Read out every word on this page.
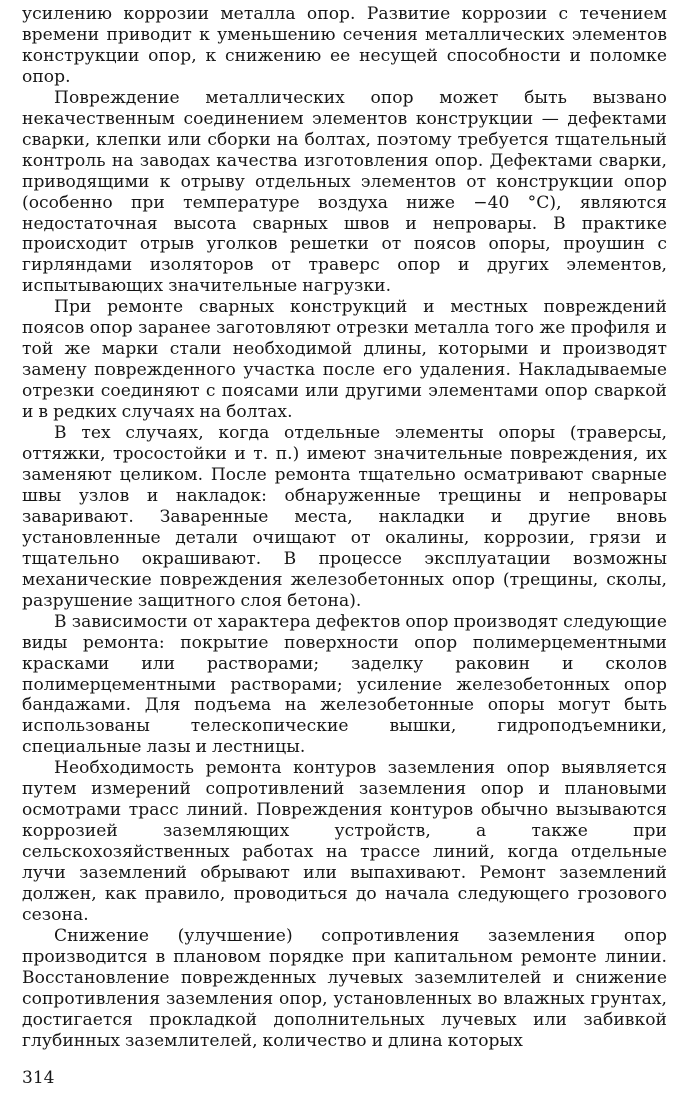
усилению коррозии металла опор. Развитие коррозии с течением времени приводит к уменьшению сечения металлических элементов конструкции опор, к снижению ее несущей способности и поломке опор.

Повреждение металлических опор может быть вызвано некачественным соединением элементов конструкции — дефектами сварки, клепки или сборки на болтах, поэтому требуется тщательный контроль на заводах качества изготовления опор. Дефектами сварки, приводящими к отрыву отдельных элементов от конструкции опор (особенно при температуре воздуха ниже −40 °С), являются недостаточная высота сварных швов и непровары. В практике происходит отрыв уголков решетки от поясов опоры, проушин с гирляндами изоляторов от траверс опор и других элементов, испытывающих значительные нагрузки.

При ремонте сварных конструкций и местных повреждений поясов опор заранее заготовляют отрезки металла того же профиля и той же марки стали необходимой длины, которыми и производят замену поврежденного участка после его удаления. Накладываемые отрезки соединяют с поясами или другими элементами опор сваркой и в редких случаях на болтах.

В тех случаях, когда отдельные элементы опоры (траверсы, оттяжки, тросостойки и т. п.) имеют значительные повреждения, их заменяют целиком. После ремонта тщательно осматривают сварные швы узлов и накладок: обнаруженные трещины и непровары заваривают. Заваренные места, накладки и другие вновь установленные детали очищают от окалины, коррозии, грязи и тщательно окрашивают. В процессе эксплуатации возможны механические повреждения железобетонных опор (трещины, сколы, разрушение защитного слоя бетона).

В зависимости от характера дефектов опор производят следующие виды ремонта: покрытие поверхности опор полимерцементными красками или растворами; заделку раковин и сколов полимерцементными растворами; усиление железобетонных опор бандажами. Для подъема на железобетонные опоры могут быть использованы телескопические вышки, гидроподъемники, специальные лазы и лестницы.

Необходимость ремонта контуров заземления опор выявляется путем измерений сопротивлений заземления опор и плановыми осмотрами трасс линий. Повреждения контуров обычно вызываются коррозией заземляющих устройств, а также при сельскохозяйственных работах на трассе линий, когда отдельные лучи заземлений обрывают или выпахивают. Ремонт заземлений должен, как правило, проводиться до начала следующего грозового сезона.

Снижение (улучшение) сопротивления заземления опор производится в плановом порядке при капитальном ремонте линии. Восстановление поврежденных лучевых заземлителей и снижение сопротивления заземления опор, установленных во влажных грунтах, достигается прокладкой дополнительных лучевых или забивкой глубинных заземлителей, количество и длина которых

314
